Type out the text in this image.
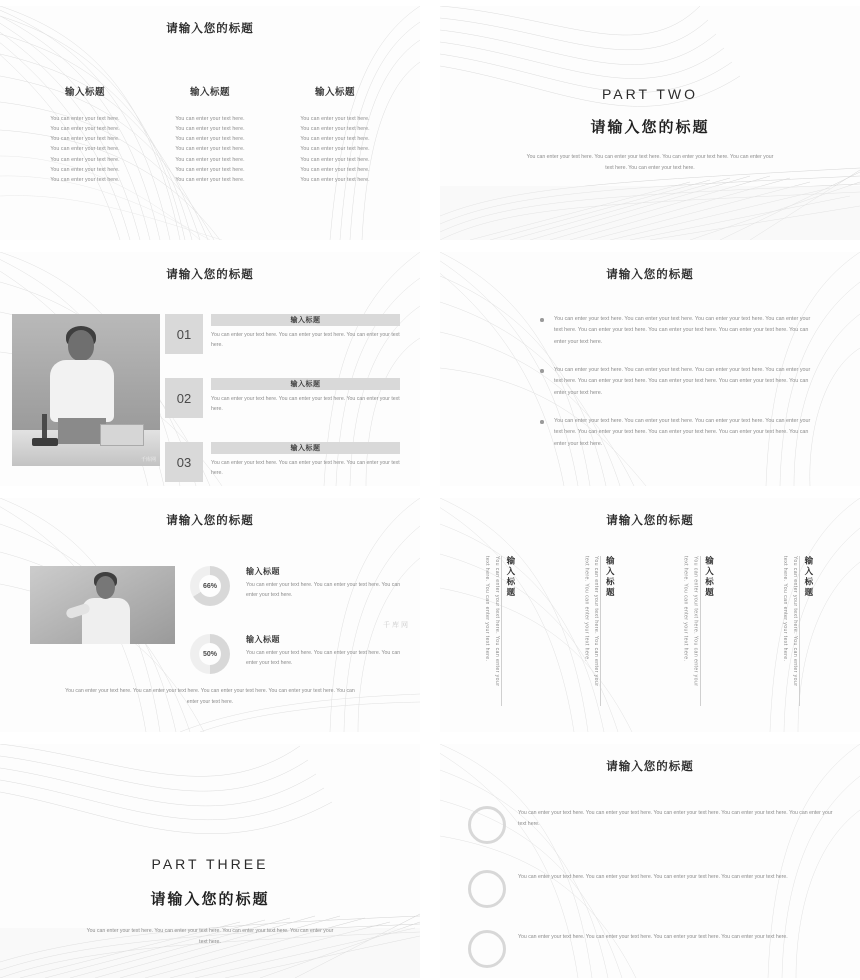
请输入您的标题
输入标题
You can enter your text here.
You can enter your text here.
You can enter your text here.
You can enter your text here.
You can enter your text here.
You can enter your text here.
You can enter your text here.
输入标题
You can enter your text here.
You can enter your text here.
You can enter your text here.
You can enter your text here.
You can enter your text here.
You can enter your text here.
You can enter your text here.
输入标题
You can enter your text here.
You can enter your text here.
You can enter your text here.
You can enter your text here.
You can enter your text here.
You can enter your text here.
You can enter your text here.
PART TWO
请输入您的标题
You can enter your text here. You can enter your text here. You can enter your text here. You can enter your text here. You can enter your text here.
请输入您的标题
千库网
01
输入标题
You can enter your text here. You can enter your text here. You can enter your text here.
02
输入标题
You can enter your text here. You can enter your text here. You can enter your text here.
03
输入标题
You can enter your text here. You can enter your text here. You can enter your text here.
请输入您的标题
You can enter your text here. You can enter your text here. You can enter your text here. You can enter your text here. You can enter your text here. You can enter your text here. You can enter your text here. You can enter your text here.
You can enter your text here. You can enter your text here. You can enter your text here. You can enter your text here. You can enter your text here. You can enter your text here. You can enter your text here. You can enter your text here.
You can enter your text here. You can enter your text here. You can enter your text here. You can enter your text here. You can enter your text here. You can enter your text here. You can enter your text here. You can enter your text here.
请输入您的标题
66%
输入标题
You can enter your text here. You can enter your text here. You can enter your text here.
50%
输入标题
You can enter your text here. You can enter your text here. You can enter your text here.
You can enter your text here. You can enter your text here. You can enter your text here. You can enter your text here. You can enter your text here.
千库网
请输入您的标题
You can enter your text here. You can enter your text here. You can enter your text here.	输入标题	You can enter your text here. You can enter your text here. You can enter your text here.	输入标题	You can enter your text here. You can enter your text here. You can enter your text here.	输入标题	You can enter your text here. You can enter your text here. You can enter your text here.	输入标题
PART THREE
请输入您的标题
You can enter your text here. You can enter your text here. You can enter your text here. You can enter your text here.
请输入您的标题
You can enter your text here. You can enter your text here. You can enter your text here. You can enter your text here. You can enter your text here.
You can enter your text here. You can enter your text here. You can enter your text here. You can enter your text here.
You can enter your text here. You can enter your text here. You can enter your text here. You can enter your text here.
